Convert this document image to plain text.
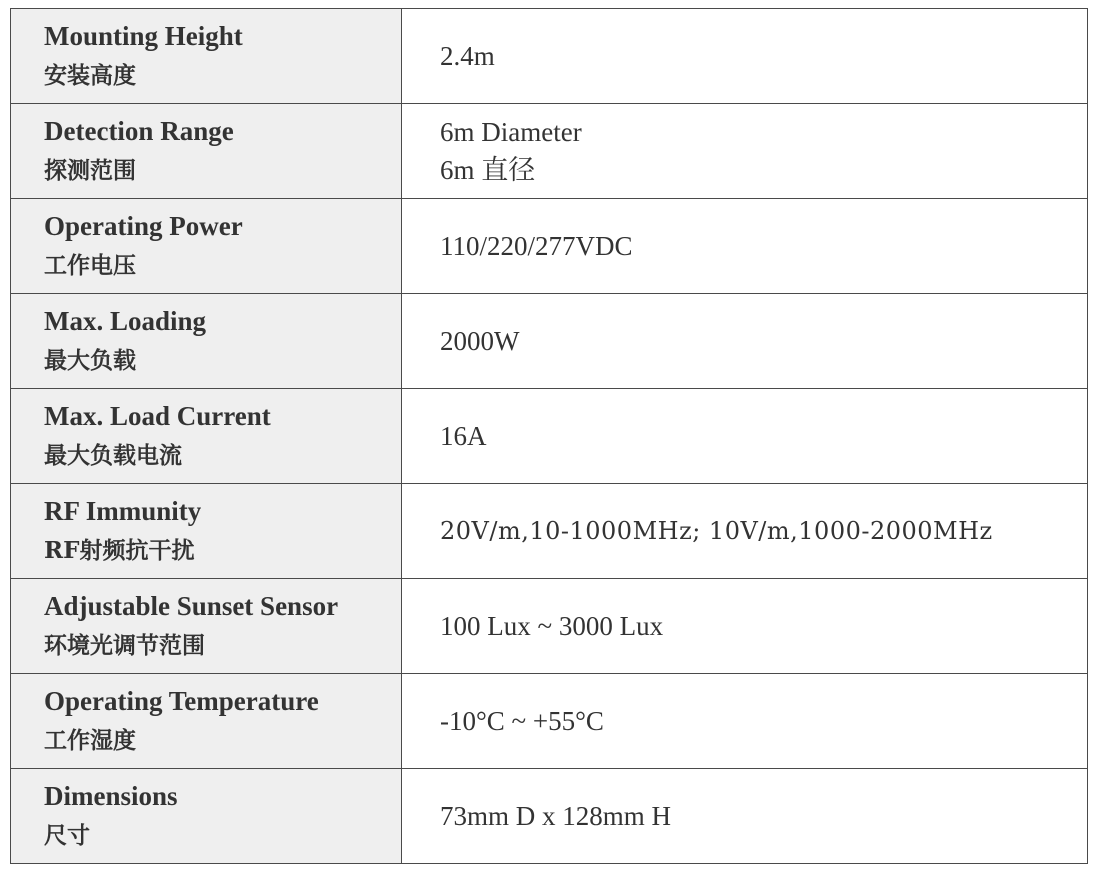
Mounting Height
安装高度	2.4m

Detection Range
探测范围	6m Diameter
6m 直径

Operating Power
工作电压	110/220/277VDC

Max. Loading
最大负载	2000W

Max. Load Current
最大负载电流	16A

RF Immunity
RF射频抗干扰	20V/m,10-1000MHz; 10V/m,1000-2000MHz

Adjustable Sunset Sensor
环境光调节范围	100 Lux ~ 3000 Lux

Operating Temperature
工作湿度	-10°C ~ +55°C

Dimensions
尺寸	73mm D x 128mm H
